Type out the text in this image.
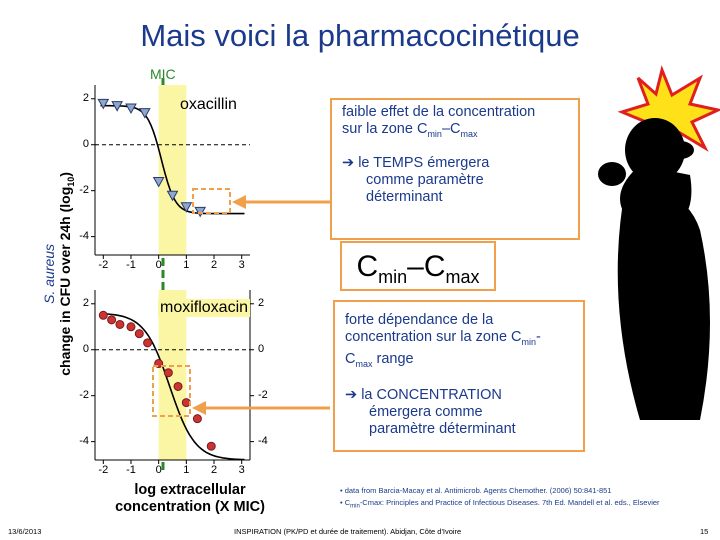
Mais voici la pharmacocinétique
MIC
S. aureus change in CFU over 24h $(\log_{10})$
oxacillin
moxifloxacin
2
0
-2
-4
-2	-1	0	1	2	3
2
0
-2
-4
2
0
-2
-4
-2	-1	0	1	2	3
log extracellular
concentration (X MIC)

faible effet de la concentration

sur la zone $C_{min}-C_{max}$

➔ le TEMPS émergera

comme paramètre

déterminant

$C_{min}-C_{max}$

forte dépendance de la

concentration sur la zone $C_{min}-$

$C_{max}$ range

➔ la CONCENTRATION

émergera comme

paramètre déterminant

• data from Barcia-Macay et al. Antimicrob. Agents Chemother. (2006) 50:841-851
• $C_{min}$-Cmax: Principles and Practice of Infectious Diseases. 7th Ed. Mandell et al. eds., Elsevier
13/6/2013	INSPIRATION (PK/PD et durée de traitement). Abidjan, Côte d'Ivoire	15
